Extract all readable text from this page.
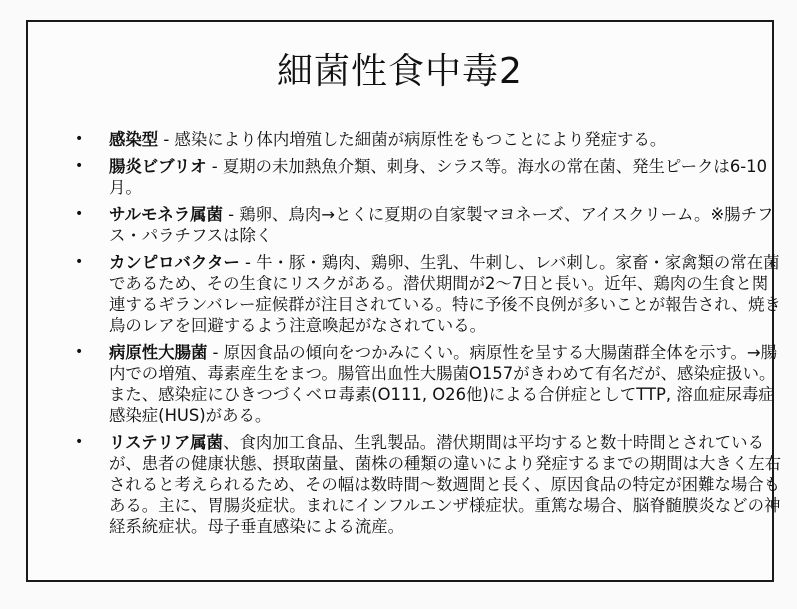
細菌性食中毒2
• 感染型 - 感染により体内増殖した細菌が病原性をもつことにより発症する。
• 腸炎ビブリオ - 夏期の未加熱魚介類、刺身、シラス等。海水の常在菌、発生ピークは6-10月。
• サルモネラ属菌 - 鶏卵、鳥肉→とくに夏期の自家製マヨネーズ、アイスクリーム。※腸チフス・パラチフスは除く
• カンピロバクター - 牛・豚・鶏肉、鶏卵、生乳、牛刺し、レバ刺し。家畜・家禽類の常在菌であるため、その生食にリスクがある。潜伏期間が2～7日と長い。近年、鶏肉の生食と関連するギランバレー症候群が注目されている。特に予後不良例が多いことが報告され、焼き鳥のレアを回避するよう注意喚起がなされている。
• 病原性大腸菌 - 原因食品の傾向をつかみにくい。病原性を呈する大腸菌群全体を示す。→腸内での増殖、毒素産生をまつ。腸管出血性大腸菌O157がきわめて有名だが、感染症扱い。また、感染症にひきつづくベロ毒素(O111, O26他)による合併症としてTTP, 溶血症尿毒症感染症(HUS)がある。
• リステリア属菌、食肉加工食品、生乳製品。潜伏期間は平均すると数十時間とされているが、患者の健康状態、摂取菌量、菌株の種類の違いにより発症するまでの期間は大きく左右されると考えられるため、その幅は数時間～数週間と長く、原因食品の特定が困難な場合もある。主に、胃腸炎症状。まれにインフルエンザ様症状。重篤な場合、脳脊髄膜炎などの神経系統症状。母子垂直感染による流産。
